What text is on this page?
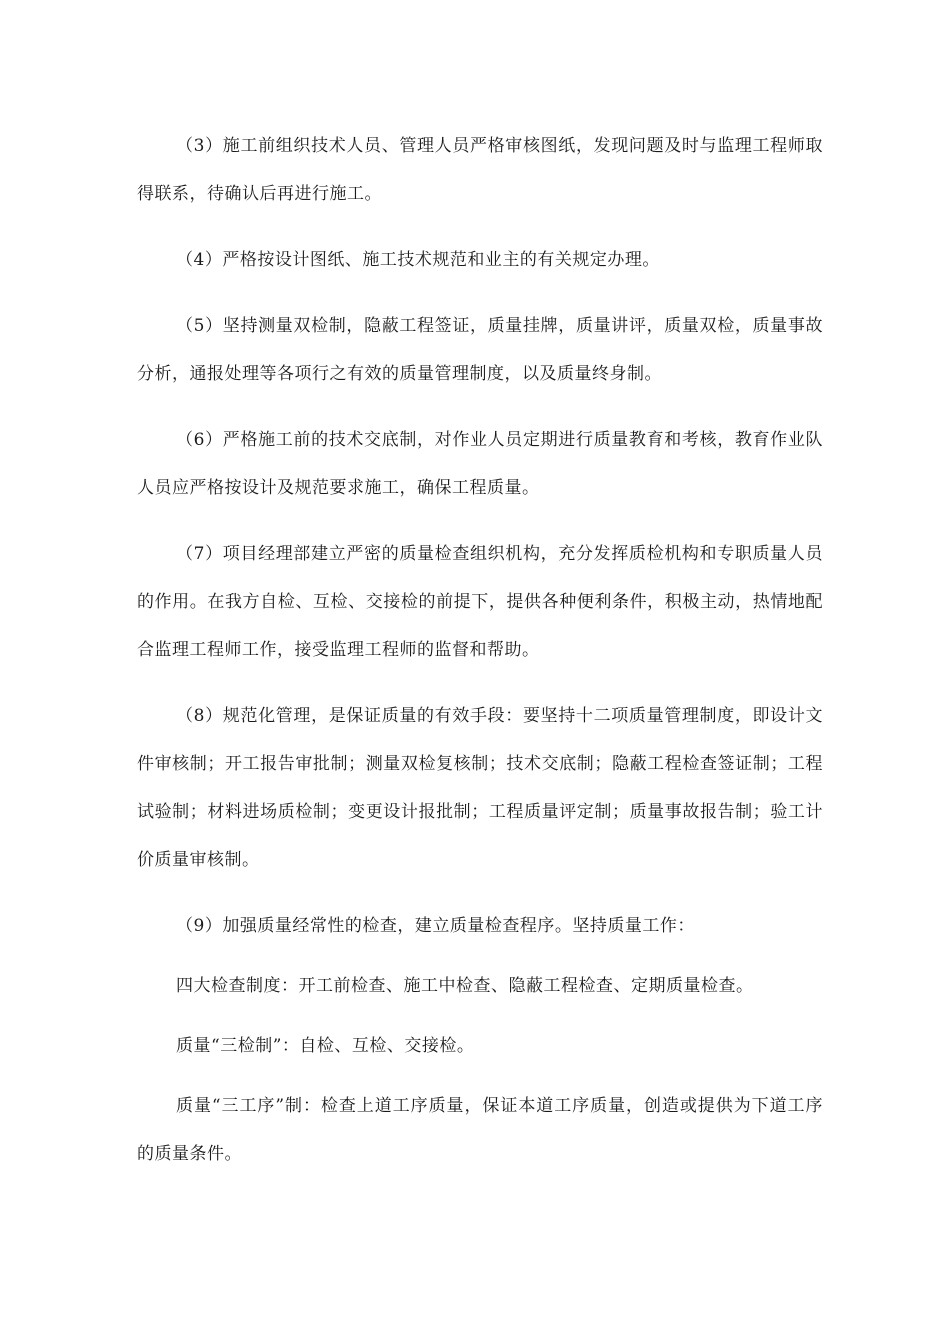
（3）施工前组织技术人员、管理人员严格审核图纸，发现问题及时与监理工程师取得联系，待确认后再进行施工。

（4）严格按设计图纸、施工技术规范和业主的有关规定办理。

（5）坚持测量双检制，隐蔽工程签证，质量挂牌，质量讲评，质量双检，质量事故分析，通报处理等各项行之有效的质量管理制度，以及质量终身制。

（6）严格施工前的技术交底制，对作业人员定期进行质量教育和考核，教育作业队人员应严格按设计及规范要求施工，确保工程质量。

（7）项目经理部建立严密的质量检查组织机构，充分发挥质检机构和专职质量人员的作用。在我方自检、互检、交接检的前提下，提供各种便利条件，积极主动，热情地配合监理工程师工作，接受监理工程师的监督和帮助。

（8）规范化管理，是保证质量的有效手段：要坚持十二项质量管理制度，即设计文件审核制；开工报告审批制；测量双检复核制；技术交底制；隐蔽工程检查签证制；工程试验制；材料进场质检制；变更设计报批制；工程质量评定制；质量事故报告制；验工计价质量审核制。

（9）加强质量经常性的检查，建立质量检查程序。坚持质量工作：

四大检查制度：开工前检查、施工中检查、隐蔽工程检查、定期质量检查。

质量“三检制”：自检、互检、交接检。

质量“三工序”制：检查上道工序质量，保证本道工序质量，创造或提供为下道工序的质量条件。
